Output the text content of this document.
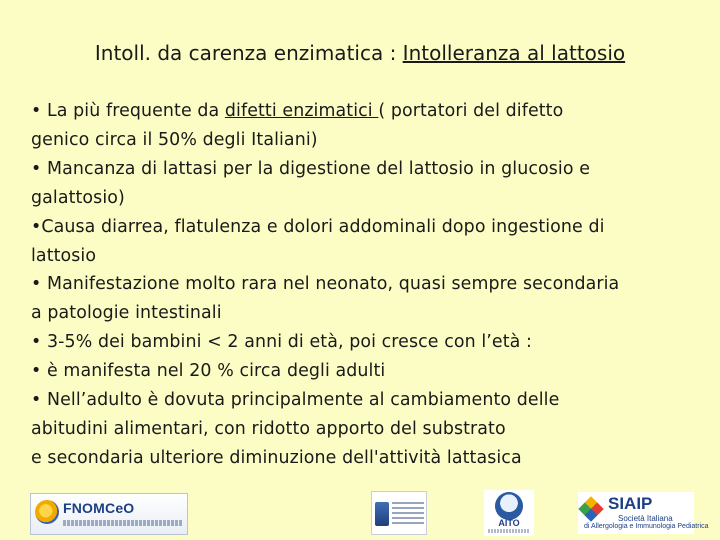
Intoll. da carenza enzimatica : Intolleranza al lattosio
• La più frequente da difetti enzimatici ( portatori del difetto
genico circa il 50% degli Italiani)
• Mancanza di lattasi per la digestione del lattosio in glucosio e
galattosio)
•Causa diarrea, flatulenza e dolori addominali dopo ingestione di
lattosio
• Manifestazione molto rara nel neonato, quasi sempre secondaria
a patologie intestinali
• 3-5% dei bambini < 2 anni di età, poi cresce con l’età :
• è manifesta nel 20 % circa degli adulti
• Nell’adulto è dovuta principalmente al cambiamento delle
abitudini alimentari, con ridotto apporto del substrato
e secondaria ulteriore diminuzione dell'attività lattasica
FNOMCeO
AITO
SIAIP
Società Italiana
di Allergologia e Immunologia Pediatrica
